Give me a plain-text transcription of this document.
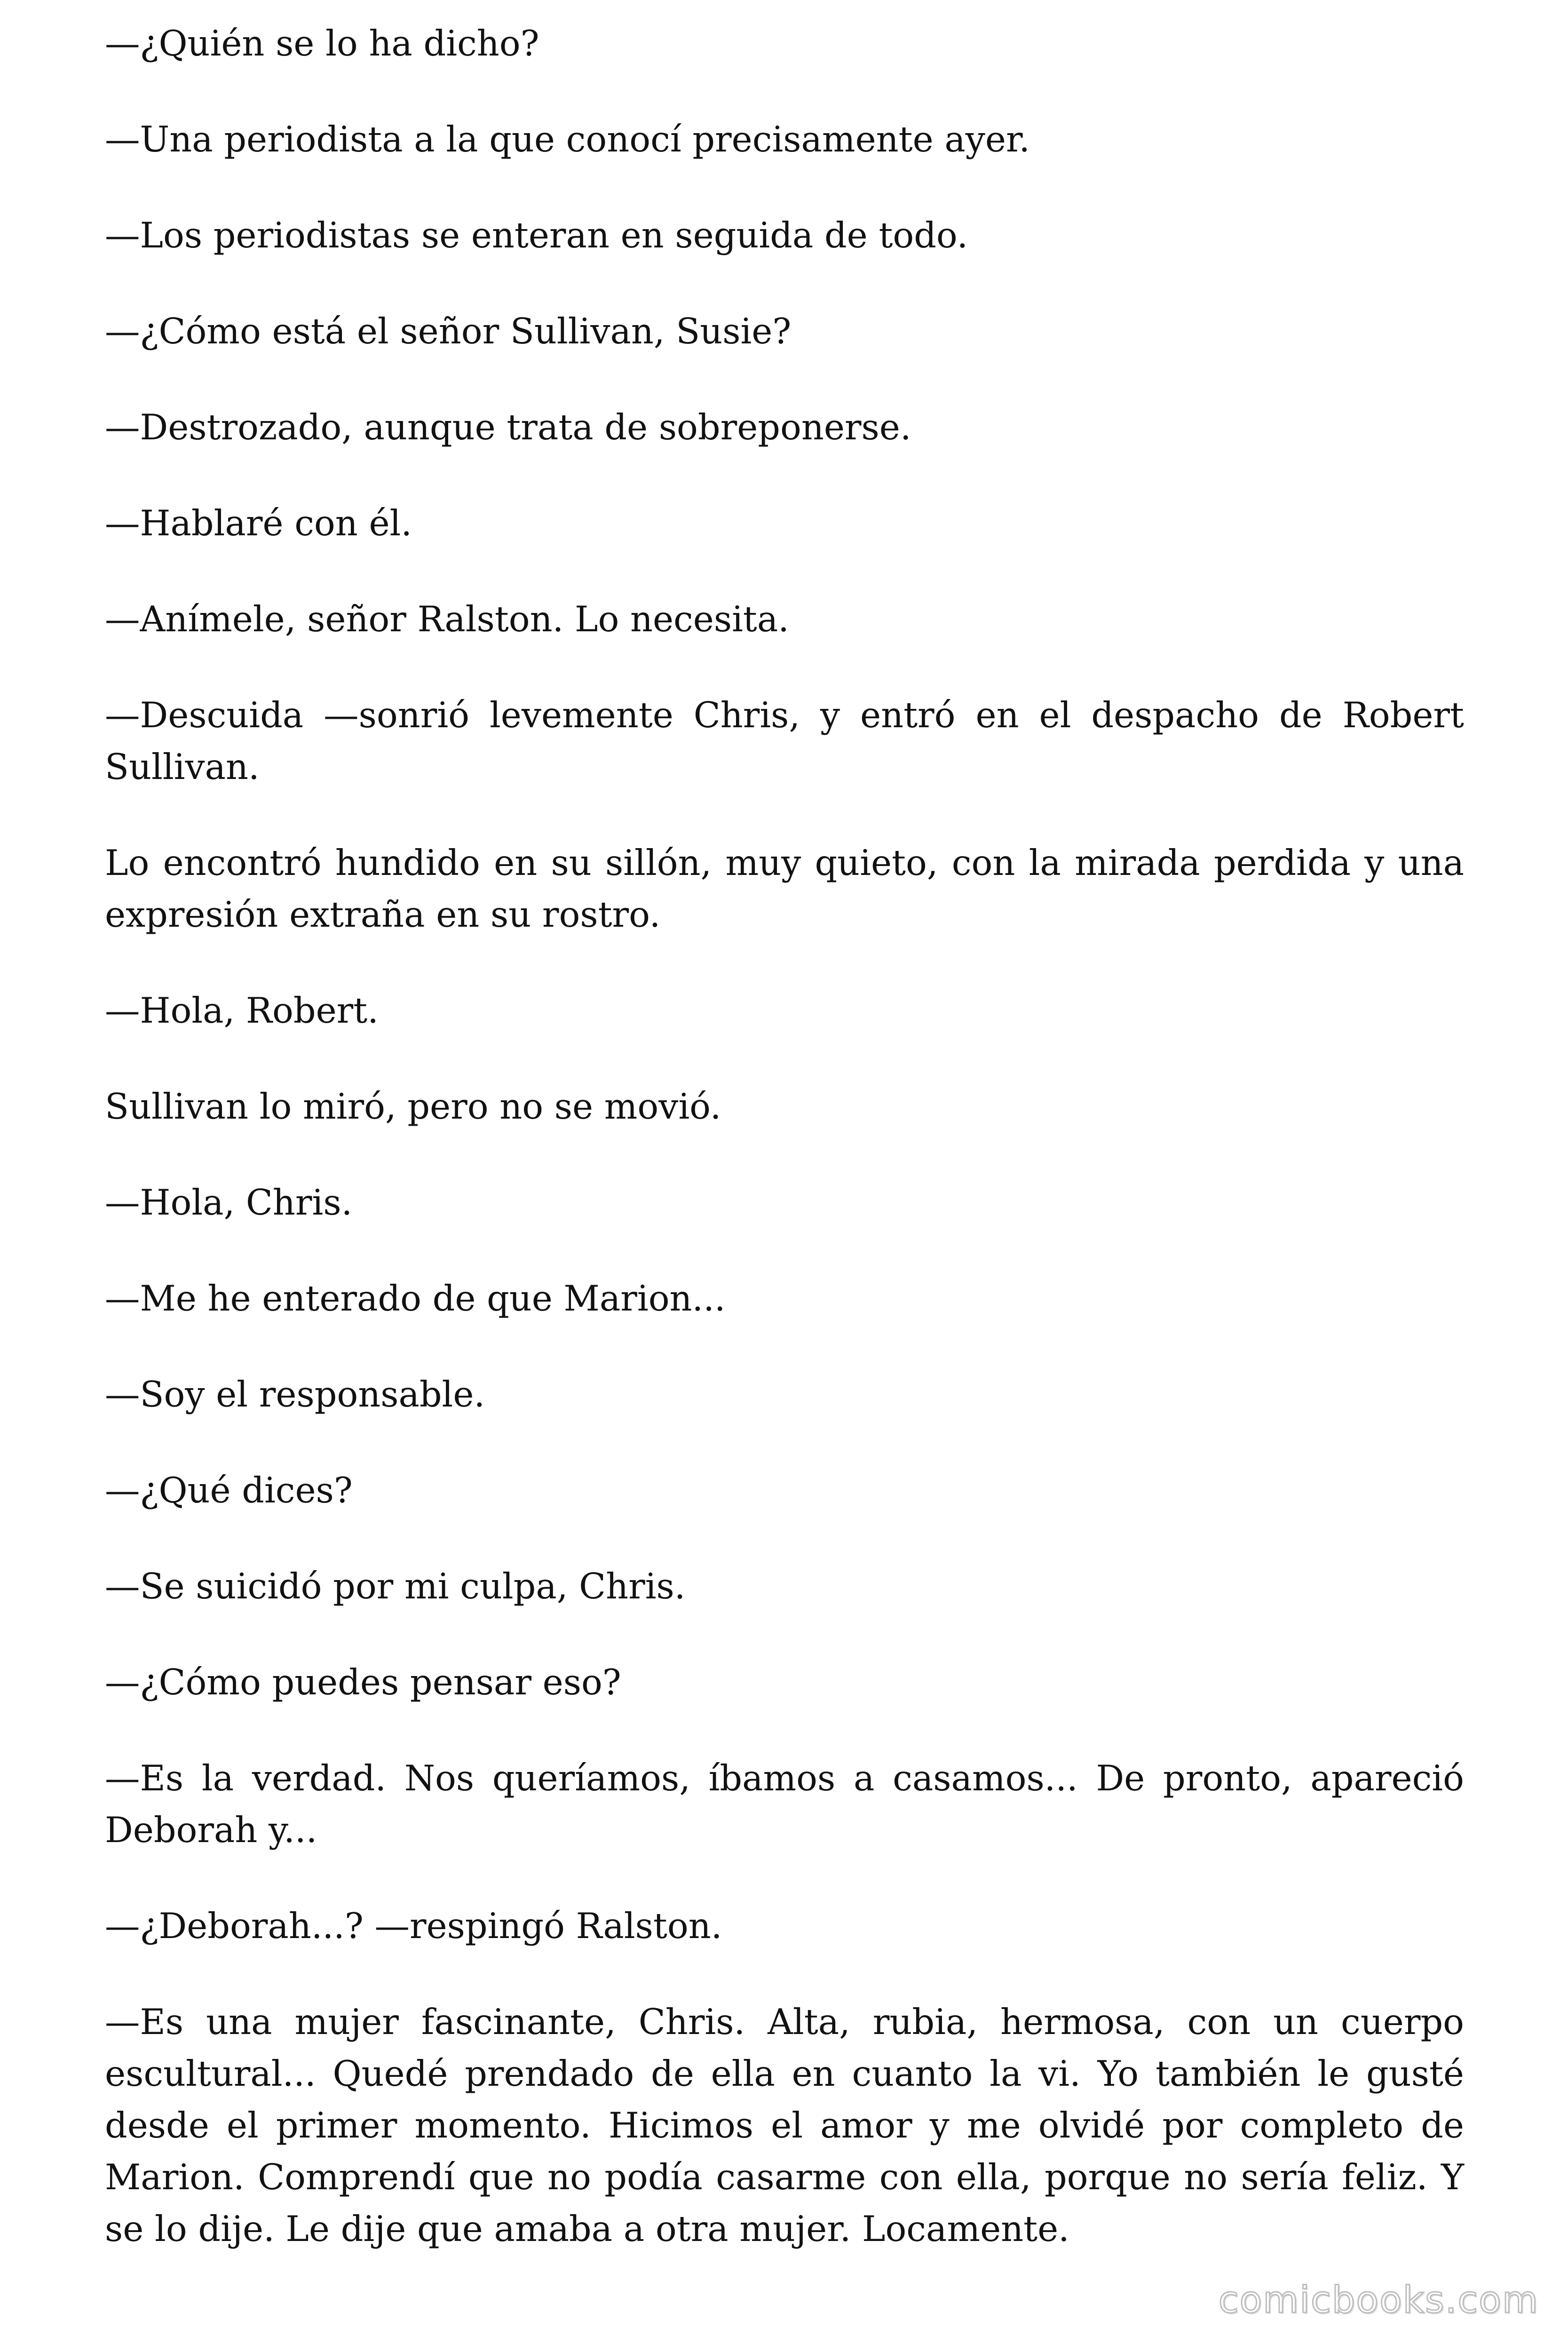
—¿Quién se lo ha dicho?

—Una periodista a la que conocí precisamente ayer.

—Los periodistas se enteran en seguida de todo.

—¿Cómo está el señor Sullivan, Susie?

—Destrozado, aunque trata de sobreponerse.

—Hablaré con él.

—Anímele, señor Ralston. Lo necesita.

—Descuida —sonrió levemente Chris, y entró en el despacho de Robert Sullivan.

Lo encontró hundido en su sillón, muy quieto, con la mirada perdida y una expresión extraña en su rostro.

—Hola, Robert.

Sullivan lo miró, pero no se movió.

—Hola, Chris.

—Me he enterado de que Marion...

—Soy el responsable.

—¿Qué dices?

—Se suicidó por mi culpa, Chris.

—¿Cómo puedes pensar eso?

—Es la verdad. Nos queríamos, íbamos a casamos... De pronto, apareció Deborah y...

—¿Deborah...? —respingó Ralston.

—Es una mujer fascinante, Chris. Alta, rubia, hermosa, con un cuerpo escultural... Quedé prendado de ella en cuanto la vi. Yo también le gusté desde el primer momento. Hicimos el amor y me olvidé por completo de Marion. Comprendí que no podía casarme con ella, porque no sería feliz. Y se lo dije. Le dije que amaba a otra mujer. Locamente.

comicbooks.com
